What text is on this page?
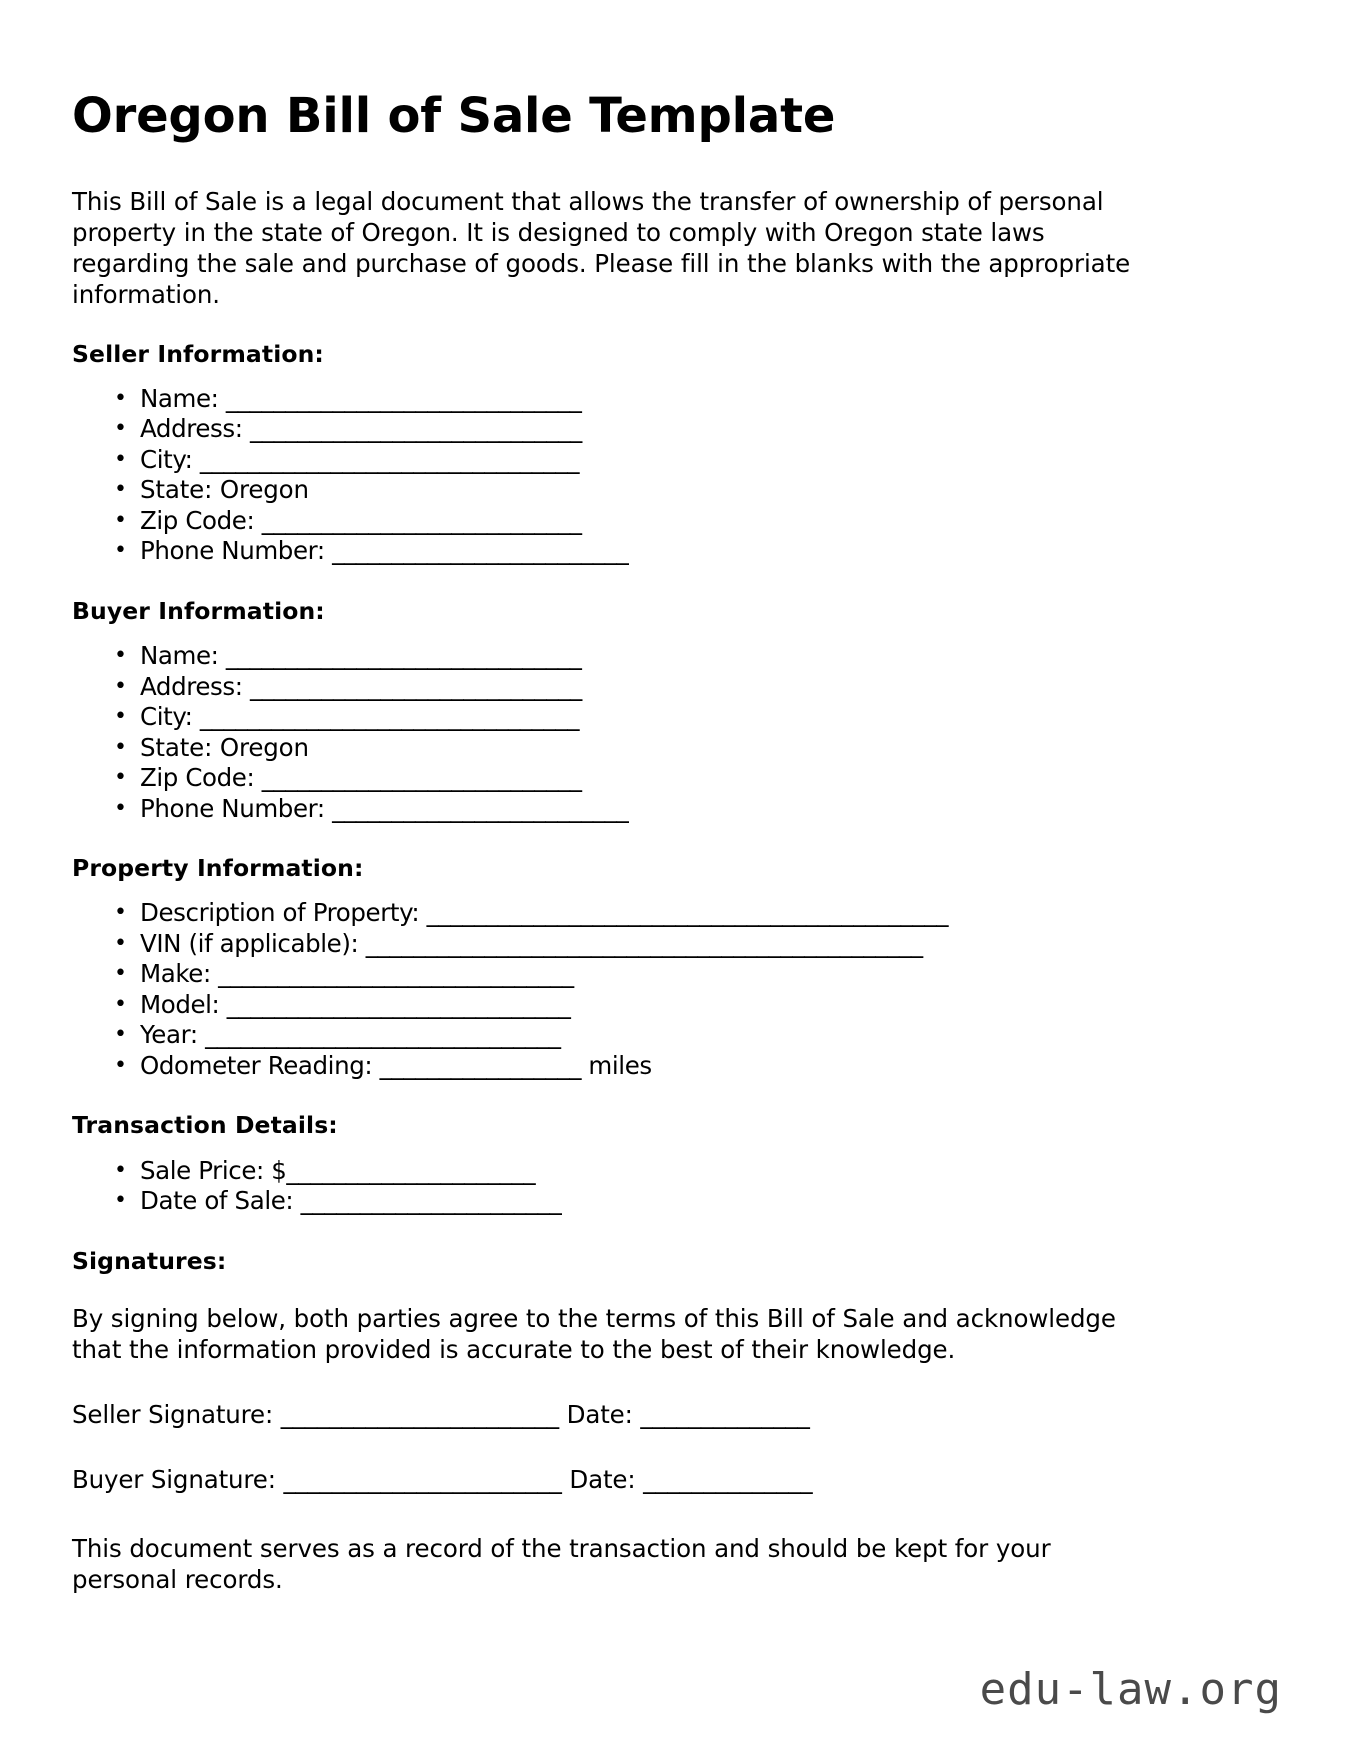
Oregon Bill of Sale Template

This Bill of Sale is a legal document that allows the transfer of ownership of personal property in the state of Oregon. It is designed to comply with Oregon state laws regarding the sale and purchase of goods. Please fill in the blanks with the appropriate information.

Seller Information:
• Name: ______________________________
• Address: ____________________________
• City: ________________________________
• State: Oregon
• Zip Code: ___________________________
• Phone Number: _________________________
Buyer Information:
• Name: ______________________________
• Address: ____________________________
• City: ________________________________
• State: Oregon
• Zip Code: ___________________________
• Phone Number: _________________________
Property Information:
• Description of Property: ____________________________________________
• VIN (if applicable): _______________________________________________
• Make: ______________________________
• Model: _____________________________
• Year: ______________________________
• Odometer Reading: _________________ miles
Transaction Details:
• Sale Price: $_____________________
• Date of Sale: ______________________
Signatures:

By signing below, both parties agree to the terms of this Bill of Sale and acknowledge that the information provided is accurate to the best of their knowledge.

Seller Signature: _______________________ Date: ______________

Buyer Signature: _______________________ Date: ______________

This document serves as a record of the transaction and should be kept for your personal records.

edu-law.org
